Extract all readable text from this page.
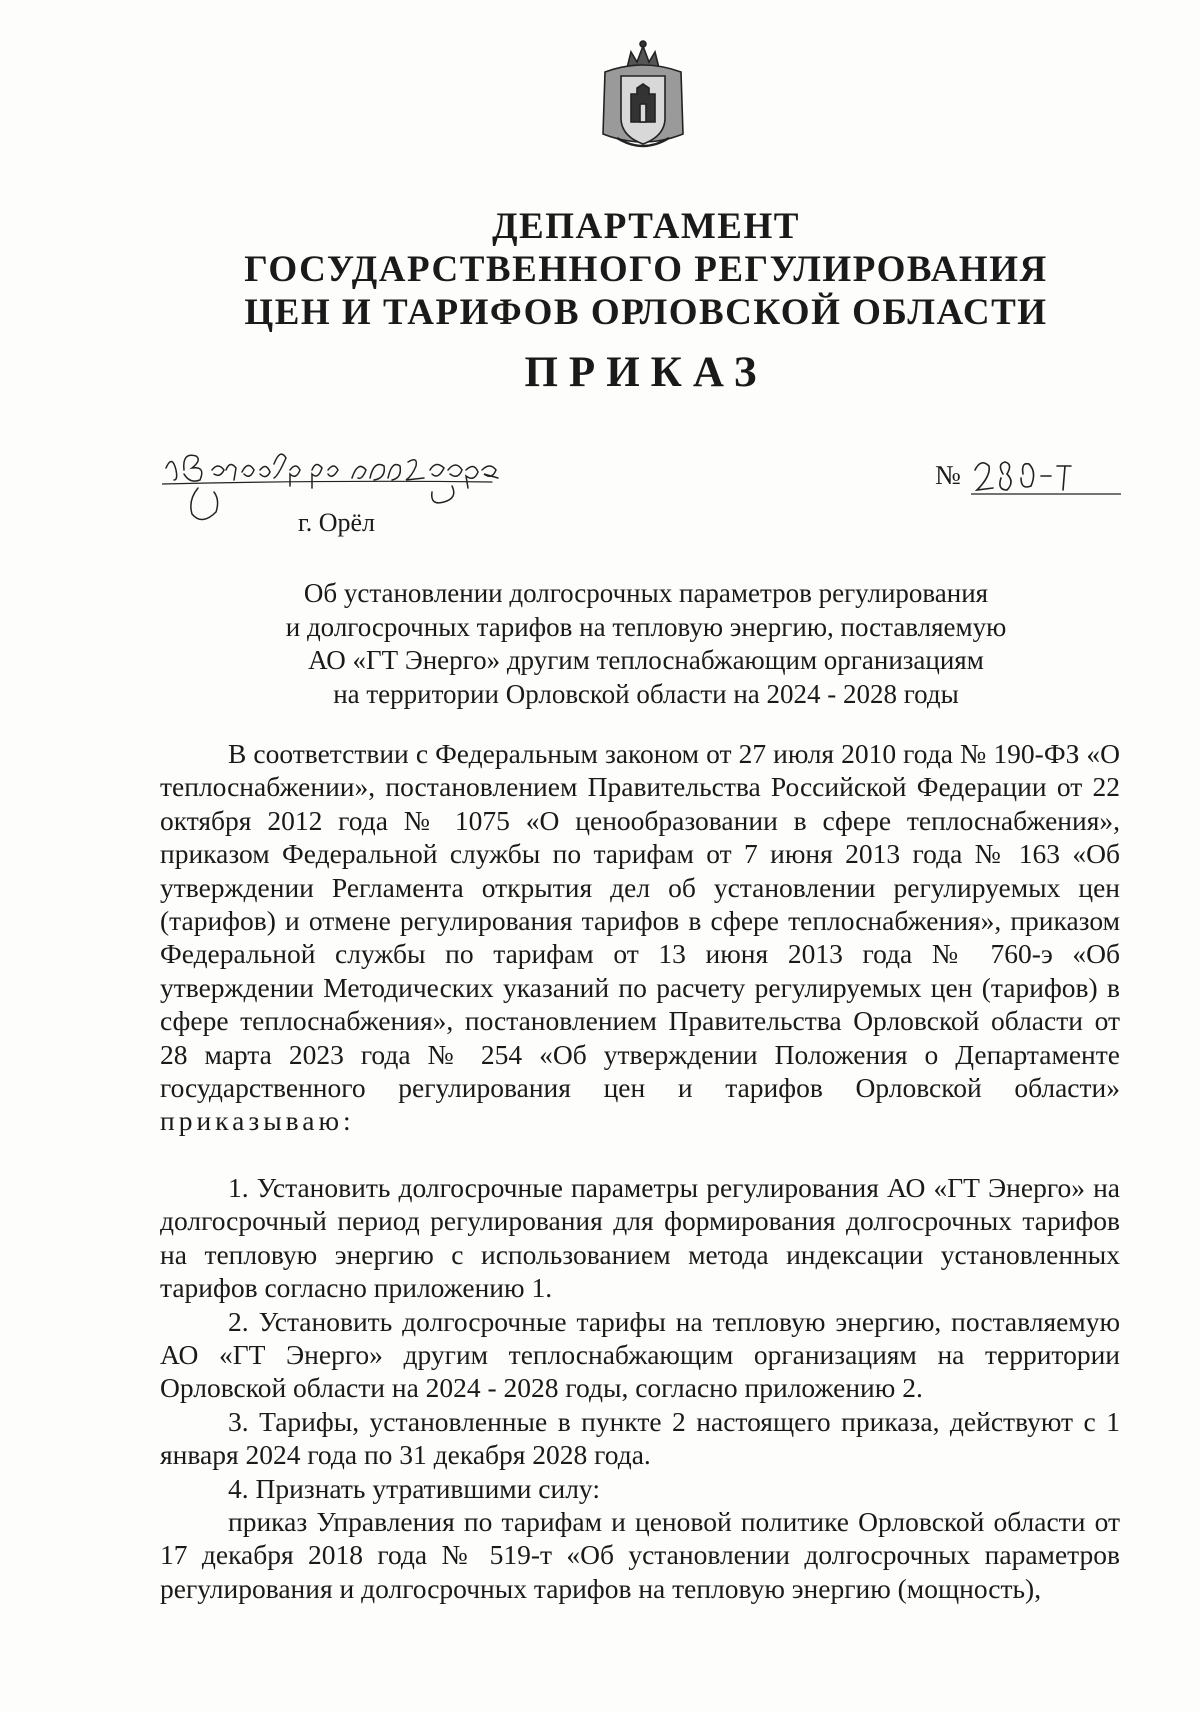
ДЕПАРТАМЕНТ
ГОСУДАРСТВЕННОГО РЕГУЛИРОВАНИЯ
ЦЕН И ТАРИФОВ ОРЛОВСКОЙ ОБЛАСТИ
ПРИКАЗ
г. Орёл
№
Об установлении долгосрочных параметров регулирования
и долгосрочных тарифов на тепловую энергию, поставляемую
АО «ГТ Энерго» другим теплоснабжающим организациям
на территории Орловской области на 2024 - 2028 годы

В соответствии с Федеральным законом от 27 июля 2010 года № 190-ФЗ «О теплоснабжении», постановлением Правительства Российской Федерации от 22 октября 2012 года № 1075 «О ценообразовании в сфере теплоснабжения», приказом Федеральной службы по тарифам от 7 июня 2013 года № 163 «Об утверждении Регламента открытия дел об установлении регулируемых цен (тарифов) и отмене регулирования тарифов в сфере теплоснабжения», приказом Федеральной службы по тарифам от 13 июня 2013 года № 760-э «Об утверждении Методических указаний по расчету регулируемых цен (тарифов) в сфере теплоснабжения», постановлением Правительства Орловской области от 28 марта 2023 года № 254 «Об утверждении Положения о Департаменте государственного регулирования цен и тарифов Орловской области» приказываю:

1. Установить долгосрочные параметры регулирования АО «ГТ Энерго» на долгосрочный период регулирования для формирования долгосрочных тарифов на тепловую энергию с использованием метода индексации установленных тарифов согласно приложению 1.

2. Установить долгосрочные тарифы на тепловую энергию, поставляемую АО «ГТ Энерго» другим теплоснабжающим организациям на территории Орловской области на 2024 - 2028 годы, согласно приложению 2.

3. Тарифы, установленные в пункте 2 настоящего приказа, действуют с 1 января 2024 года по 31 декабря 2028 года.

4. Признать утратившими силу:

приказ Управления по тарифам и ценовой политике Орловской области от 17 декабря 2018 года № 519-т «Об установлении долгосрочных параметров регулирования и долгосрочных тарифов на тепловую энергию (мощность),
